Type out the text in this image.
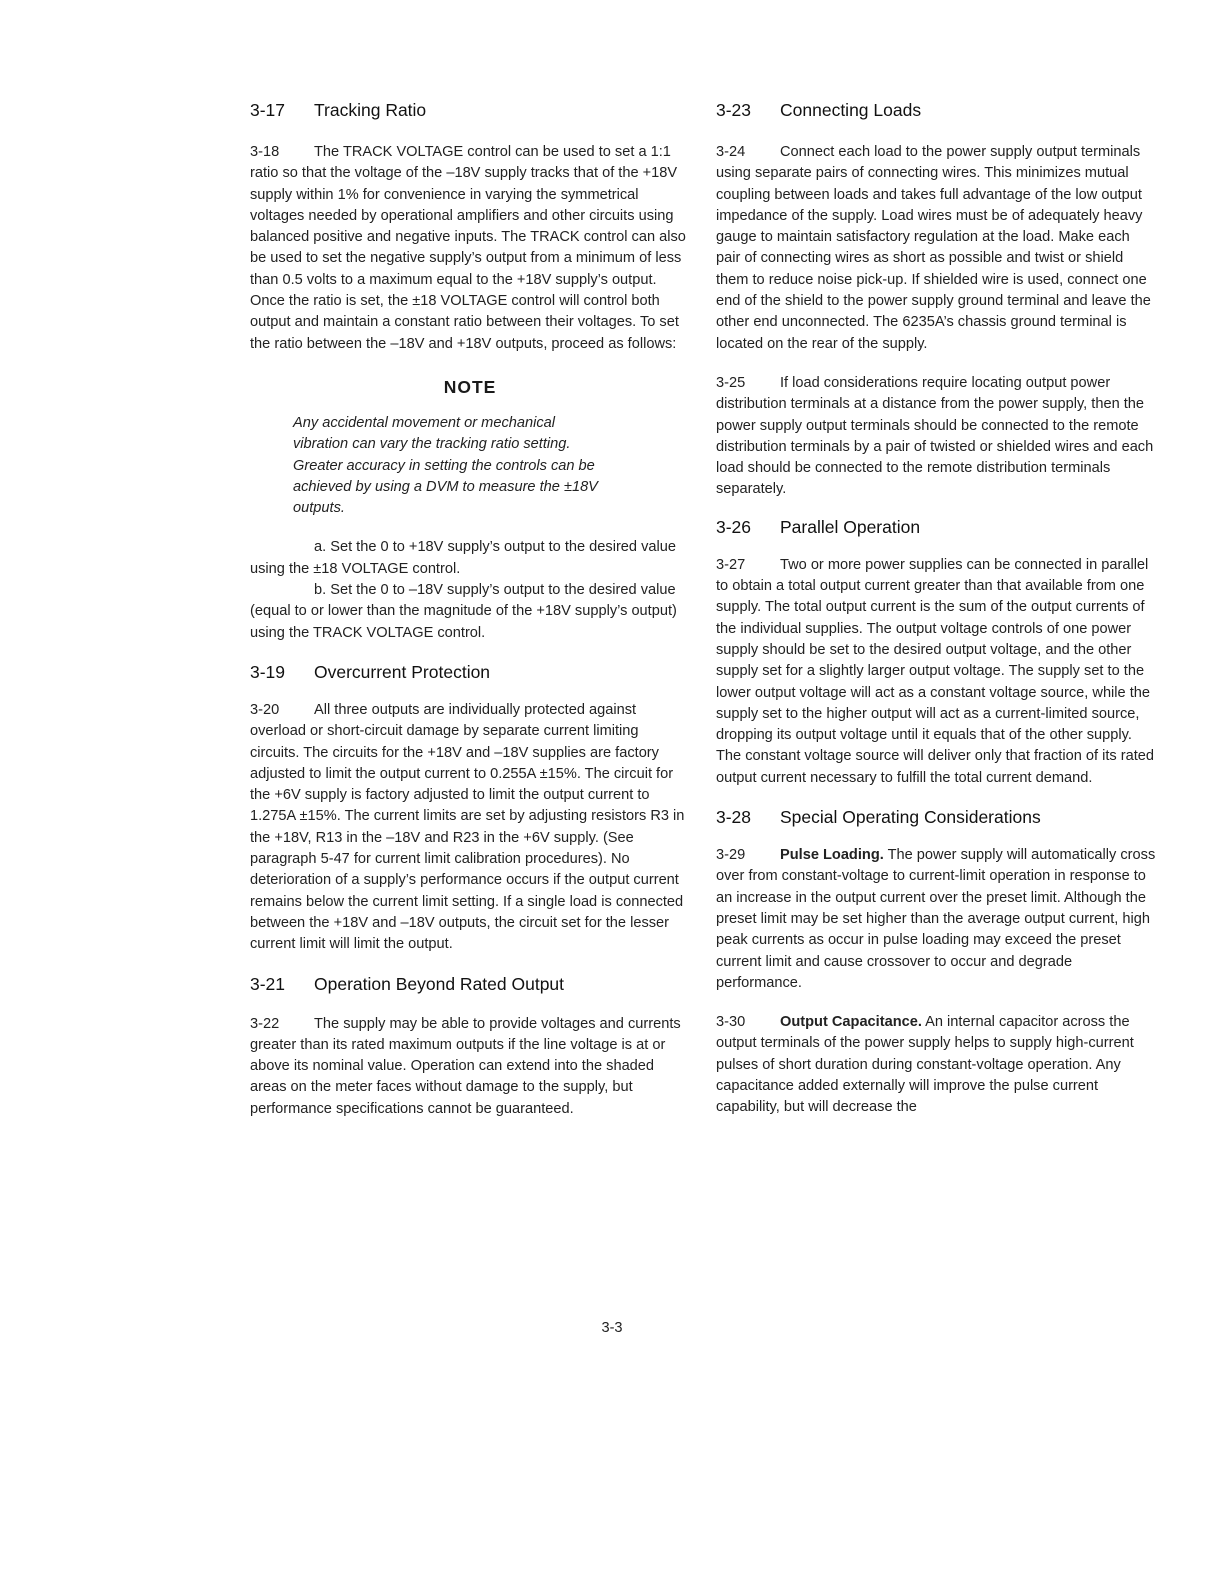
3-17	Tracking Ratio

3-18 The TRACK VOLTAGE control can be used to set a 1:1 ratio so that the voltage of the –18V supply tracks that of the +18V supply within 1% for convenience in varying the symmetrical voltages needed by operational amplifiers and other circuits using balanced positive and negative inputs. The TRACK control can also be used to set the negative supply’s output from a minimum of less than 0.5 volts to a maximum equal to the +18V supply’s output. Once the ratio is set, the ±18 VOLTAGE control will control both output and maintain a constant ratio between their voltages. To set the ratio between the –18V and +18V outputs, proceed as follows:

NOTE

Any accidental movement or mechanical vibration can vary the tracking ratio setting. Greater accuracy in setting the controls can be achieved by using a DVM to measure the ±18V outputs.

a. Set the 0 to +18V supply’s output to the desired value using the ±18 VOLTAGE control.

b. Set the 0 to –18V supply’s output to the desired value (equal to or lower than the magnitude of the +18V supply’s output) using the TRACK VOLTAGE control.

3-19	Overcurrent Protection

3-20 All three outputs are individually protected against overload or short-circuit damage by separate current limiting circuits. The circuits for the +18V and –18V supplies are factory adjusted to limit the output current to 0.255A ±15%. The circuit for the +6V supply is factory adjusted to limit the output current to 1.275A ±15%. The current limits are set by adjusting resistors R3 in the +18V, R13 in the –18V and R23 in the +6V supply. (See paragraph 5-47 for current limit calibration procedures). No deterioration of a supply’s performance occurs if the output current remains below the current limit setting. If a single load is connected between the +18V and –18V outputs, the circuit set for the lesser current limit will limit the output.

3-21	Operation Beyond Rated Output

3-22 The supply may be able to provide voltages and currents greater than its rated maximum outputs if the line voltage is at or above its nominal value. Operation can extend into the shaded areas on the meter faces without damage to the supply, but performance specifications cannot be guaranteed.

3-23	Connecting Loads

3-24 Connect each load to the power supply output terminals using separate pairs of connecting wires. This minimizes mutual coupling between loads and takes full advantage of the low output impedance of the supply. Load wires must be of adequately heavy gauge to maintain satisfactory regulation at the load. Make each pair of connecting wires as short as possible and twist or shield them to reduce noise pick-up. If shielded wire is used, connect one end of the shield to the power supply ground terminal and leave the other end unconnected. The 6235A’s chassis ground terminal is located on the rear of the supply.

3-25 If load considerations require locating output power distribution terminals at a distance from the power supply, then the power supply output terminals should be connected to the remote distribution terminals by a pair of twisted or shielded wires and each load should be connected to the remote distribution terminals separately.

3-26	Parallel Operation

3-27 Two or more power supplies can be connected in parallel to obtain a total output current greater than that available from one supply. The total output current is the sum of the output currents of the individual supplies. The output voltage controls of one power supply should be set to the desired output voltage, and the other supply set for a slightly larger output voltage. The supply set to the lower output voltage will act as a constant voltage source, while the supply set to the higher output will act as a current-limited source, dropping its output voltage until it equals that of the other supply. The constant voltage source will deliver only that fraction of its rated output current necessary to fulfill the total current demand.

3-28	Special Operating Considerations

3-29 Pulse Loading. The power supply will automatically cross over from constant-voltage to current-limit operation in response to an increase in the output current over the preset limit. Although the preset limit may be set higher than the average output current, high peak currents as occur in pulse loading may exceed the preset current limit and cause crossover to occur and degrade performance.

3-30 Output Capacitance. An internal capacitor across the output terminals of the power supply helps to supply high-current pulses of short duration during constant-voltage operation. Any capacitance added externally will improve the pulse current capability, but will decrease the

3-3
